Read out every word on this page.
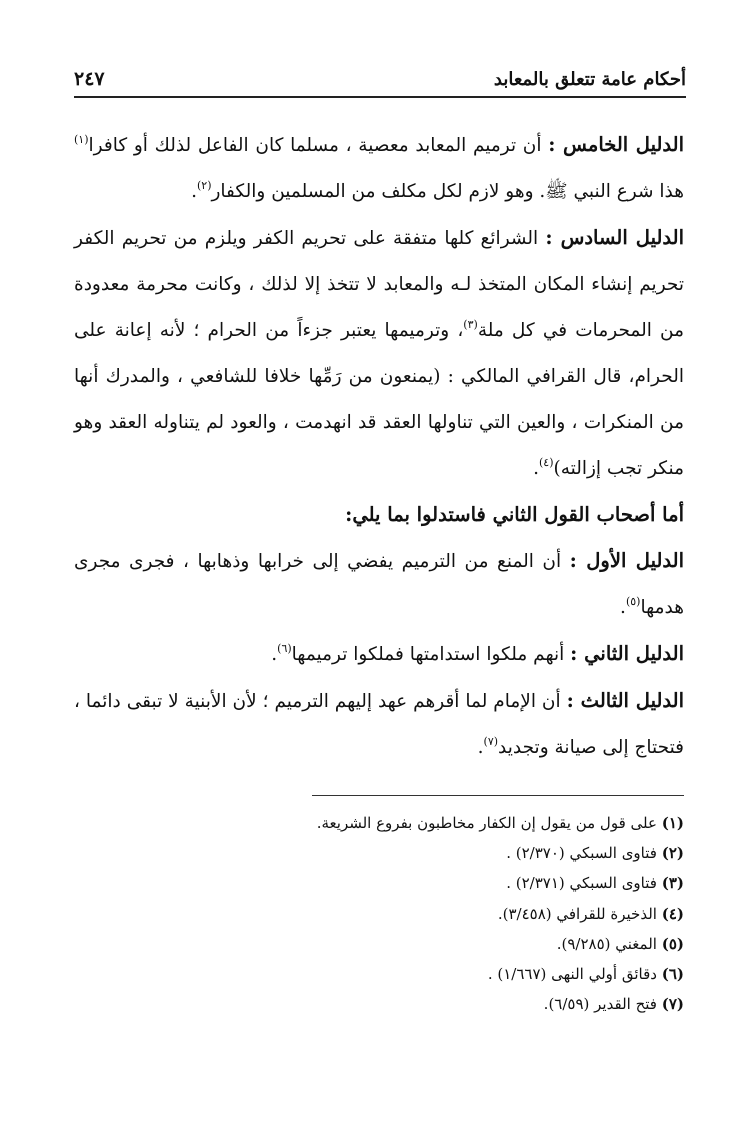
أحكام عامة تتعلق بالمعابد
٢٤٧

الدليل الخامس : أن ترميم المعابد معصية ، مسلما كان الفاعل لذلك أو كافرا$^{(١)}$ هذا شرع النبي ﷺ. وهو لازم لكل مكلف من المسلمين والكفار$^{(٢)}$.

الدليل السادس : الشرائع كلها متفقة على تحريم الكفر ويلزم من تحريم الكفر تحريم إنشاء المكان المتخذ لـه والمعابد لا تتخذ إلا لذلك ، وكانت محرمة معدودة من المحرمات في كل ملة$^{(٣)}$، وترميمها يعتبر جزءاً من الحرام ؛ لأنه إعانة على الحرام، قال القرافي المالكي : (يمنعون من رَمِّها خلافا للشافعي ، والمدرك أنها من المنكرات ، والعين التي تناولها العقد قد انهدمت ، والعود لم يتناوله العقد وهو منكر تجب إزالته)$^{(٤)}$.

أما أصحاب القول الثاني فاستدلوا بما يلي:

الدليل الأول : أن المنع من الترميم يفضي إلى خرابها وذهابها ، فجرى مجرى هدمها$^{(٥)}$.

الدليل الثاني : أنهم ملكوا استدامتها فملكوا ترميمها$^{(٦)}$.

الدليل الثالث : أن الإمام لما أقرهم عهد إليهم الترميم ؛ لأن الأبنية لا تبقى دائما ، فتحتاج إلى صيانة وتجديد$^{(٧)}$.

(١) على قول من يقول إن الكفار مخاطبون بفروع الشريعة.
(٢) فتاوى السبكي (٢/٣٧٠) .
(٣) فتاوى السبكي (٢/٣٧١) .
(٤) الذخيرة للقرافي (٣/٤٥٨).
(٥) المغني (٩/٢٨٥).
(٦) دقائق أولي النهى (١/٦٦٧) .
(٧) فتح القدير (٦/٥٩).
